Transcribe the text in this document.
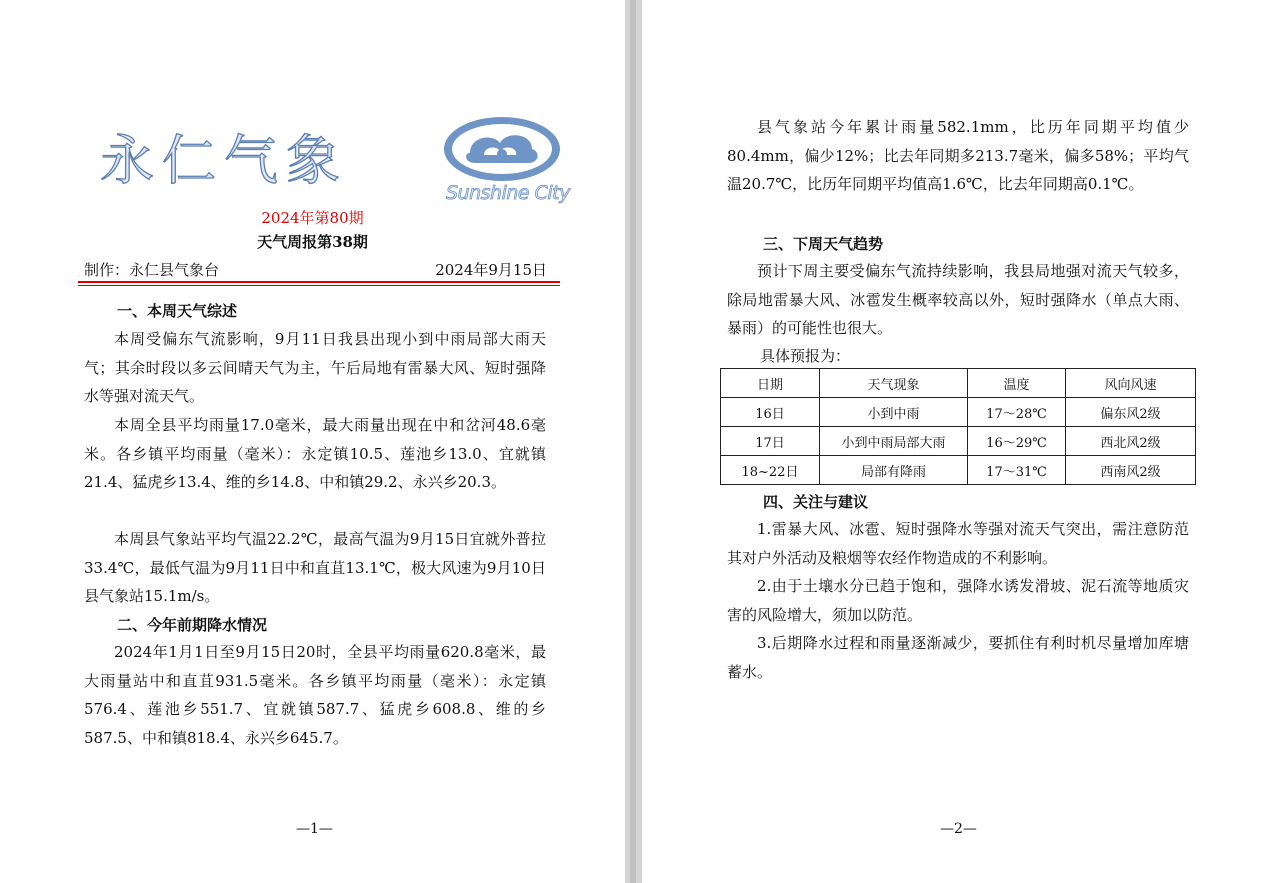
永仁气象
Sunshine City
2024年第80期
天气周报第38期
制作：永仁县气象台	2024年9月15日
一、本周天气综述
本周受偏东气流影响，9月11日我县出现小到中雨局部大雨天气；其余时段以多云间晴天气为主，午后局地有雷暴大风、短时强降水等强对流天气。
本周全县平均雨量17.0毫米，最大雨量出现在中和岔河48.6毫米。各乡镇平均雨量（毫米）：永定镇10.5、莲池乡13.0、宜就镇21.4、猛虎乡13.4、维的乡14.8、中和镇29.2、永兴乡20.3。
本周县气象站平均气温22.2℃，最高气温为9月15日宜就外普拉33.4℃，最低气温为9月11日中和直苴13.1℃，极大风速为9月10日县气象站15.1m/s。
二、今年前期降水情况
2024年1月1日至9月15日20时，全县平均雨量620.8毫米，最大雨量站中和直苴931.5毫米。各乡镇平均雨量（毫米）：永定镇576.4、莲池乡551.7、宜就镇587.7、猛虎乡608.8、维的乡587.5、中和镇818.4、永兴乡645.7。
—1—
县气象站今年累计雨量582.1mm，比历年同期平均值少80.4mm，偏少12%；比去年同期多213.7毫米，偏多58%；平均气温20.7℃，比历年同期平均值高1.6℃，比去年同期高0.1℃。
三、下周天气趋势
预计下周主要受偏东气流持续影响，我县局地强对流天气较多，除局地雷暴大风、冰雹发生概率较高以外，短时强降水（单点大雨、暴雨）的可能性也很大。
具体预报为：
日期	天气现象	温度	风向风速
16日	小到中雨	17～28℃	偏东风2级
17日	小到中雨局部大雨	16～29℃	西北风2级
18~22日	局部有降雨	17～31℃	西南风2级
四、关注与建议
1.雷暴大风、冰雹、短时强降水等强对流天气突出，需注意防范其对户外活动及粮烟等农经作物造成的不利影响。
2.由于土壤水分已趋于饱和，强降水诱发滑坡、泥石流等地质灾害的风险增大，须加以防范。
3.后期降水过程和雨量逐渐减少，要抓住有利时机尽量增加库塘蓄水。
—2—
